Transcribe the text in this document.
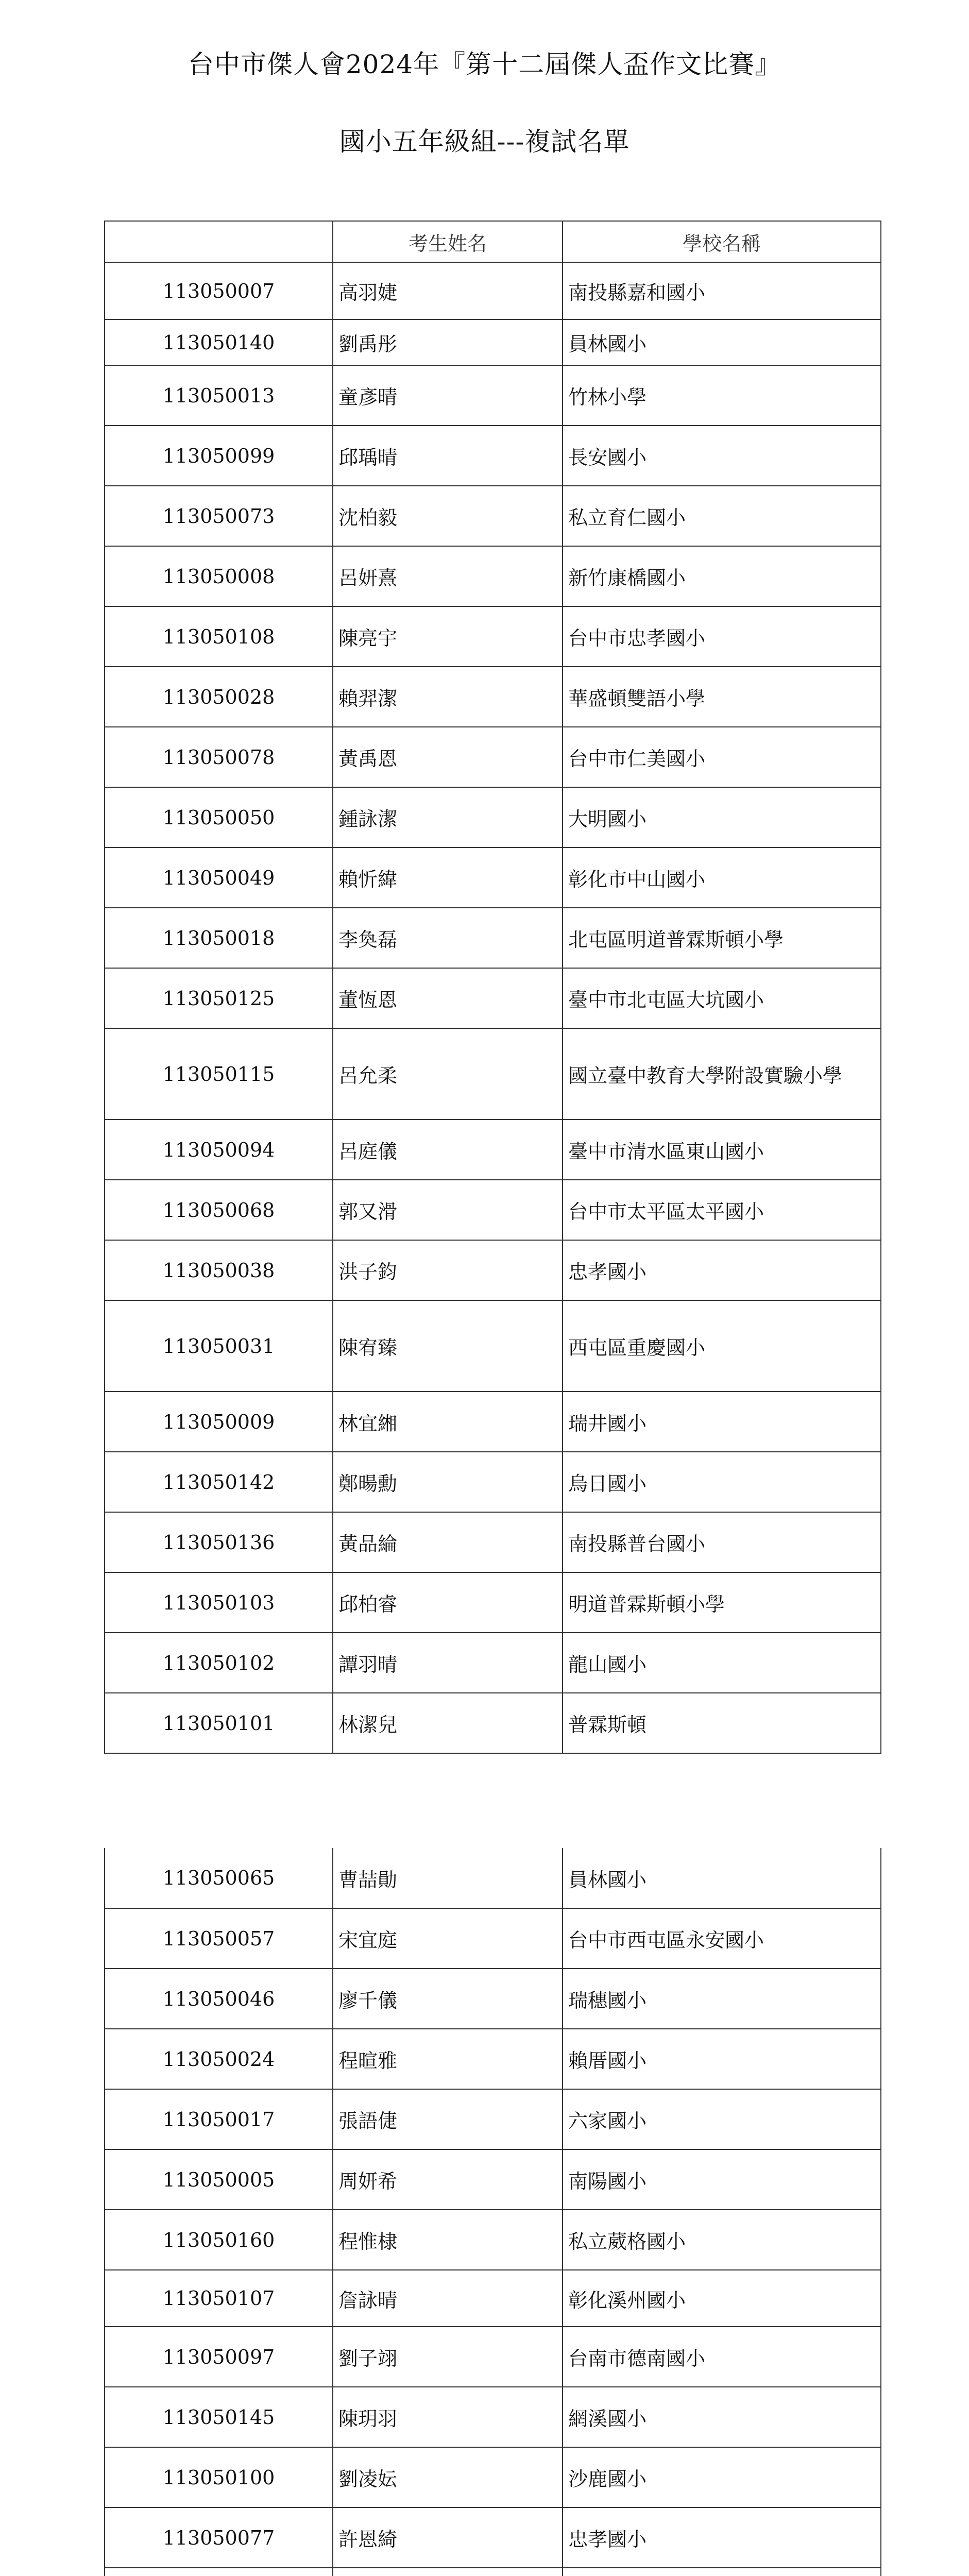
台中市傑人會2024年『第十二屆傑人盃作文比賽』
國小五年級組---複試名單
	考生姓名	學校名稱
113050007	高羽婕	南投縣嘉和國小
113050140	劉禹彤	員林國小
113050013	童彥晴	竹林小學
113050099	邱瑀晴	長安國小
113050073	沈柏毅	私立育仁國小
113050008	呂妍熹	新竹康橋國小
113050108	陳亮宇	台中市忠孝國小
113050028	賴羿潔	華盛頓雙語小學
113050078	黃禹恩	台中市仁美國小
113050050	鍾詠潔	大明國小
113050049	賴忻緯	彰化市中山國小
113050018	李奐磊	北屯區明道普霖斯頓小學
113050125	董恆恩	臺中市北屯區大坑國小
113050115	呂允柔	國立臺中教育大學附設實驗小學
113050094	呂庭儀	臺中市清水區東山國小
113050068	郭又滑	台中市太平區太平國小
113050038	洪子鈞	忠孝國小
113050031	陳宥臻	西屯區重慶國小
113050009	林宜緗	瑞井國小
113050142	鄭暘勳	烏日國小
113050136	黃品綸	南投縣普台國小
113050103	邱柏睿	明道普霖斯頓小學
113050102	譚羽晴	龍山國小
113050101	林潔兒	普霖斯頓
113050065	曹喆勛	員林國小
113050057	宋宜庭	台中市西屯區永安國小
113050046	廖千儀	瑞穗國小
113050024	程暄雅	賴厝國小
113050017	張語倢	六家國小
113050005	周妍希	南陽國小
113050160	程惟棣	私立葳格國小
113050107	詹詠晴	彰化溪州國小
113050097	劉子翊	台南市德南國小
113050145	陳玥羽	網溪國小
113050100	劉凌妘	沙鹿國小
113050077	許恩綺	忠孝國小
